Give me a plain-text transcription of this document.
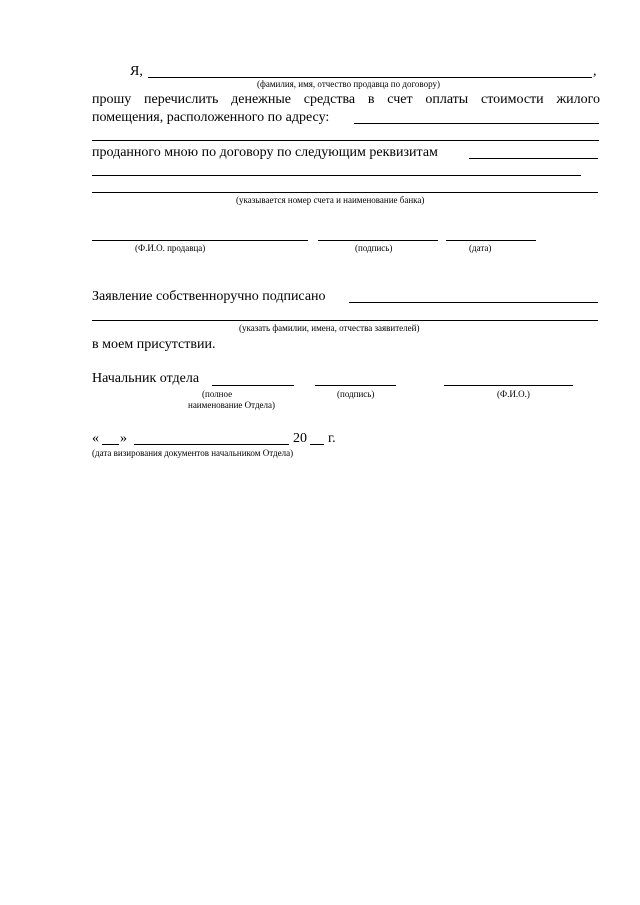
Я,	,
(фамилия, имя, отчество продавца по договору)
прошу перечислить денежные средства в счет оплаты стоимости жилого
помещения, расположенного по адресу:
проданного мною по договору по следующим реквизитам
(указывается номер счета и наименование банка)
(Ф.И.О. продавца)	(подпись)	(дата)
Заявление собственноручно подписано
(указать фамилии, имена, отчества заявителей)
в моем присутствии.
Начальник отдела
(полное
наименование Отдела)
(подпись)	(Ф.И.О.)
« »	20 г.
(дата визирования документов начальником Отдела)
